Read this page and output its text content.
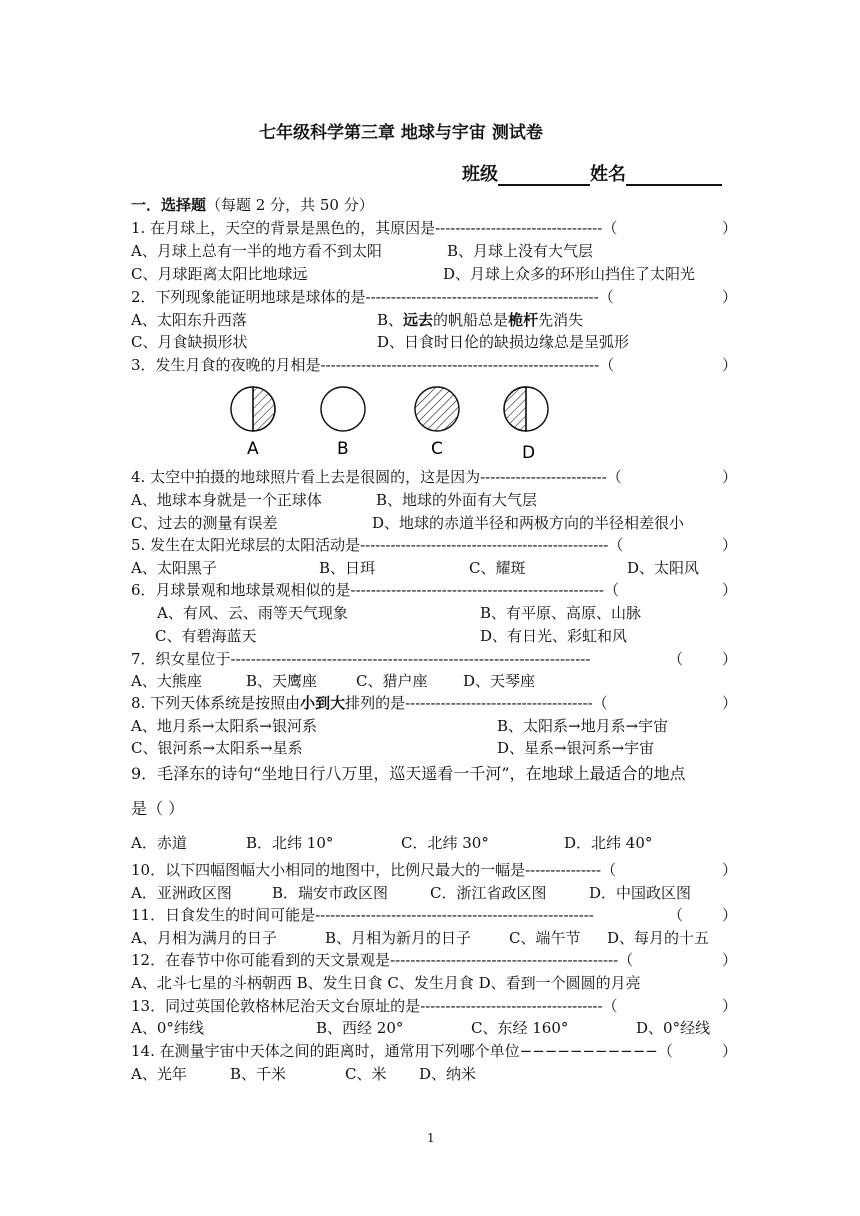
七年级科学第三章 地球与宇宙 测试卷
班级	姓名
一．选择题（每题 2 分，共 50 分）
1. 在月球上，天空的背景是黑色的，其原因是---------------------------------（	）
A、月球上总有一半的地方看不到太阳	B、月球上没有大气层
C、月球距离太阳比地球远	D、月球上众多的环形山挡住了太阳光
2．下列现象能证明地球是球体的是----------------------------------------------（	）
A、太阳东升西落	B、远去的帆船总是桅杆先消失
C、月食缺损形状	D、日食时日伦的缺损边缘总是呈弧形
3．发生月食的夜晚的月相是-------------------------------------------------------（	）
A	B	C	D
4. 太空中拍摄的地球照片看上去是很圆的，这是因为-------------------------（	）
A、地球本身就是一个正球体	B、地球的外面有大气层
C、过去的测量有误差	D、地球的赤道半径和两极方向的半径相差很小
5. 发生在太阳光球层的太阳活动是-------------------------------------------------（	）
A、太阳黑子	B、日珥	C、耀斑	D、太阳风
6．月球景观和地球景观相似的是--------------------------------------------------（	）
A、有风、云、雨等天气现象	B、有平原、高原、山脉
C、有碧海蓝天	D、有日光、彩虹和风
7．织女星位于-----------------------------------------------------------------------	（	）
A、大熊座	B、天鹰座	C、猎户座 D、天琴座
8. 下列天体系统是按照由小到大排列的是-------------------------------------（	）
A、地月系→太阳系→银河系	B、太阳系→地月系→宇宙
C、银河系→太阳系→星系	D、星系→银河系→宇宙
9．毛泽东的诗句“坐地日行八万里，巡天遥看一千河”，在地球上最适合的地点
是（ ）
A．赤道	B．北纬 10°	C．北纬 30°	D．北纬 40°
10．以下四幅图幅大小相同的地图中，比例尺最大的一幅是---------------（	）
A．亚洲政区图	B．瑞安市政区图	C．浙江省政区图	D．中国政区图
11．日食发生的时间可能是-------------------------------------------------------	（	）
A、月相为满月的日子	B、月相为新月的日子	C、端午节 D、每月的十五
12．在春节中你可能看到的天文景观是---------------------------------------------（	）
A、北斗七星的斗柄朝西 B、发生日食 C、发生月食 D、看到一个圆圆的月亮
13．同过英国伦敦格林尼治天文台原址的是------------------------------------（	）
A、0°纬线	B、西经 20°	C、东经 160°	D、0°经线
14. 在测量宇宙中天体之间的距离时，通常用下列哪个单位−−−−−−−−−−−（	）
A、光年	B、千米	C、米 D、纳米
1
